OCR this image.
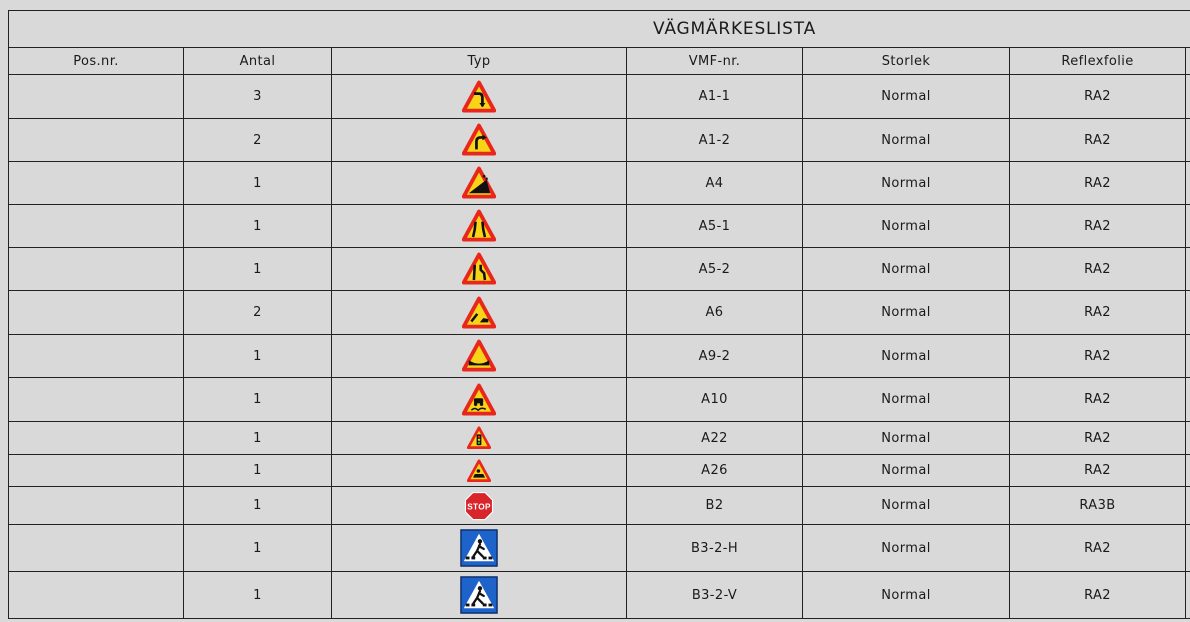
VÄGMÄRKESLISTA						
Pos.nr.	Antal	Typ	VMF-nr.	Storlek	Reflexfolie	
	3		A1-1	Normal	RA2	
	2		A1-2	Normal	RA2	
	1		A4	Normal	RA2	
	1		A5-1	Normal	RA2	
	1		A5-2	Normal	RA2	
	2		A6	Normal	RA2	
	1		A9-2	Normal	RA2	
	1		A10	Normal	RA2	
	1		A22	Normal	RA2	
	1		A26	Normal	RA2	
	1	STOP	B2	Normal	RA3B	
	1		B3-2-H	Normal	RA2	
	1		B3-2-V	Normal	RA2	
